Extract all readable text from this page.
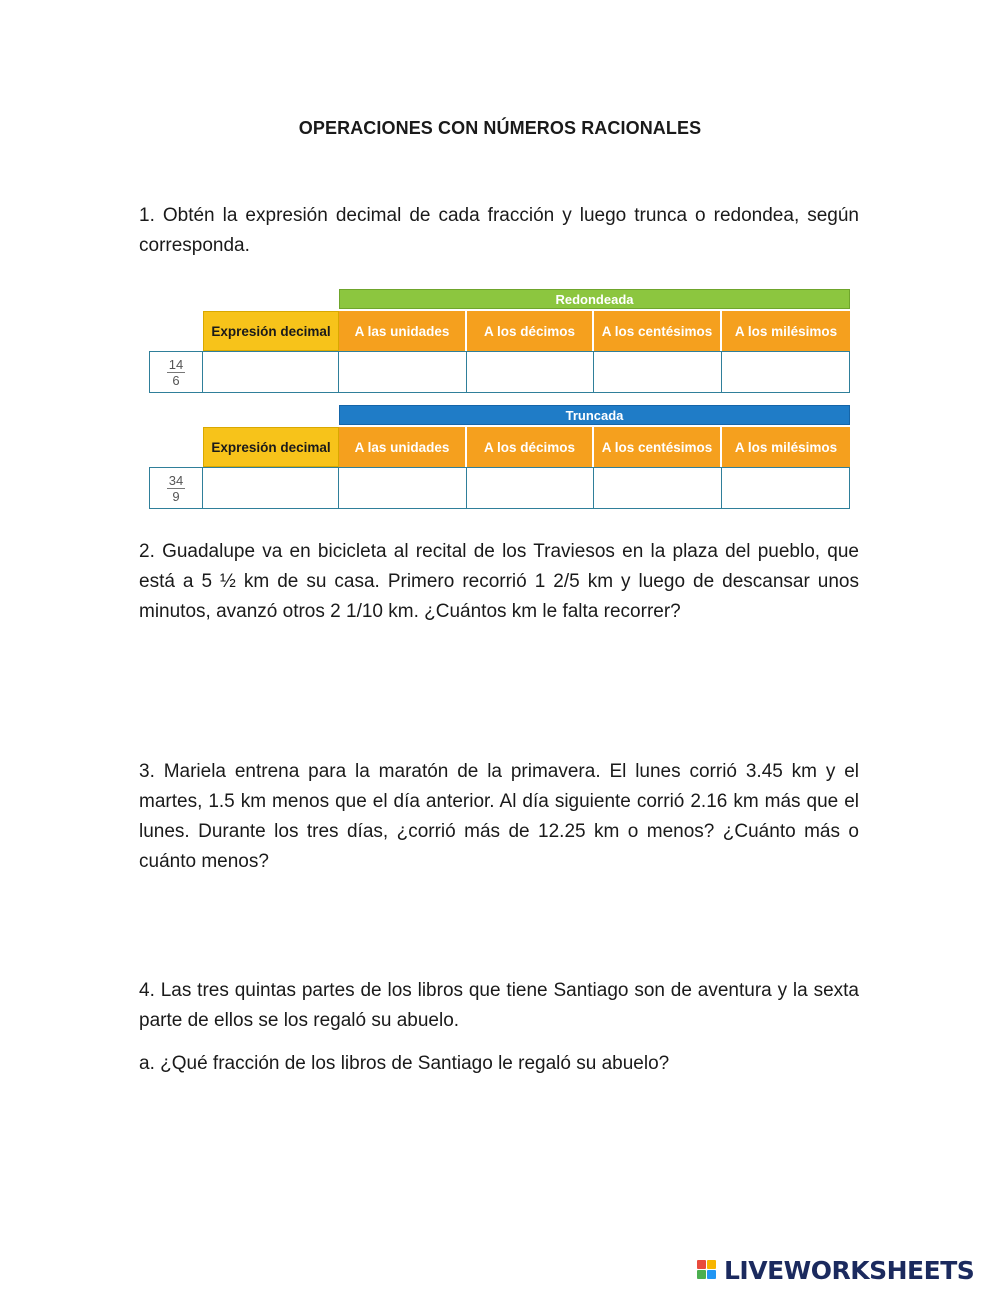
OPERACIONES CON NÚMEROS RACIONALES

1. Obtén la expresión decimal de cada fracción y luego trunca o redondea, según corresponda.

Redondeada
Expresión decimal	A las unidades	A los décimos	A los centésimos	A los milésimos
$\frac{14}{6}$
Truncada
Expresión decimal	A las unidades	A los décimos	A los centésimos	A los milésimos
$\frac{34}{9}$

2. Guadalupe va en bicicleta al recital de los Traviesos en la plaza del pueblo, que está a 5 ½ km de su casa. Primero recorrió 1 2/5 km y luego de descansar unos minutos, avanzó otros 2 1/10 km. ¿Cuántos km le falta recorrer?

3. Mariela entrena para la maratón de la primavera. El lunes corrió 3.45 km y el martes, 1.5 km menos que el día anterior. Al día siguiente corrió 2.16 km más que el lunes. Durante los tres días, ¿corrió más de 12.25 km o menos? ¿Cuánto más o cuánto menos?

4. Las tres quintas partes de los libros que tiene Santiago son de aventura y la sexta parte de ellos se los regaló su abuelo.

a. ¿Qué fracción de los libros de Santiago le regaló su abuelo?

LIVEWORKSHEETS
